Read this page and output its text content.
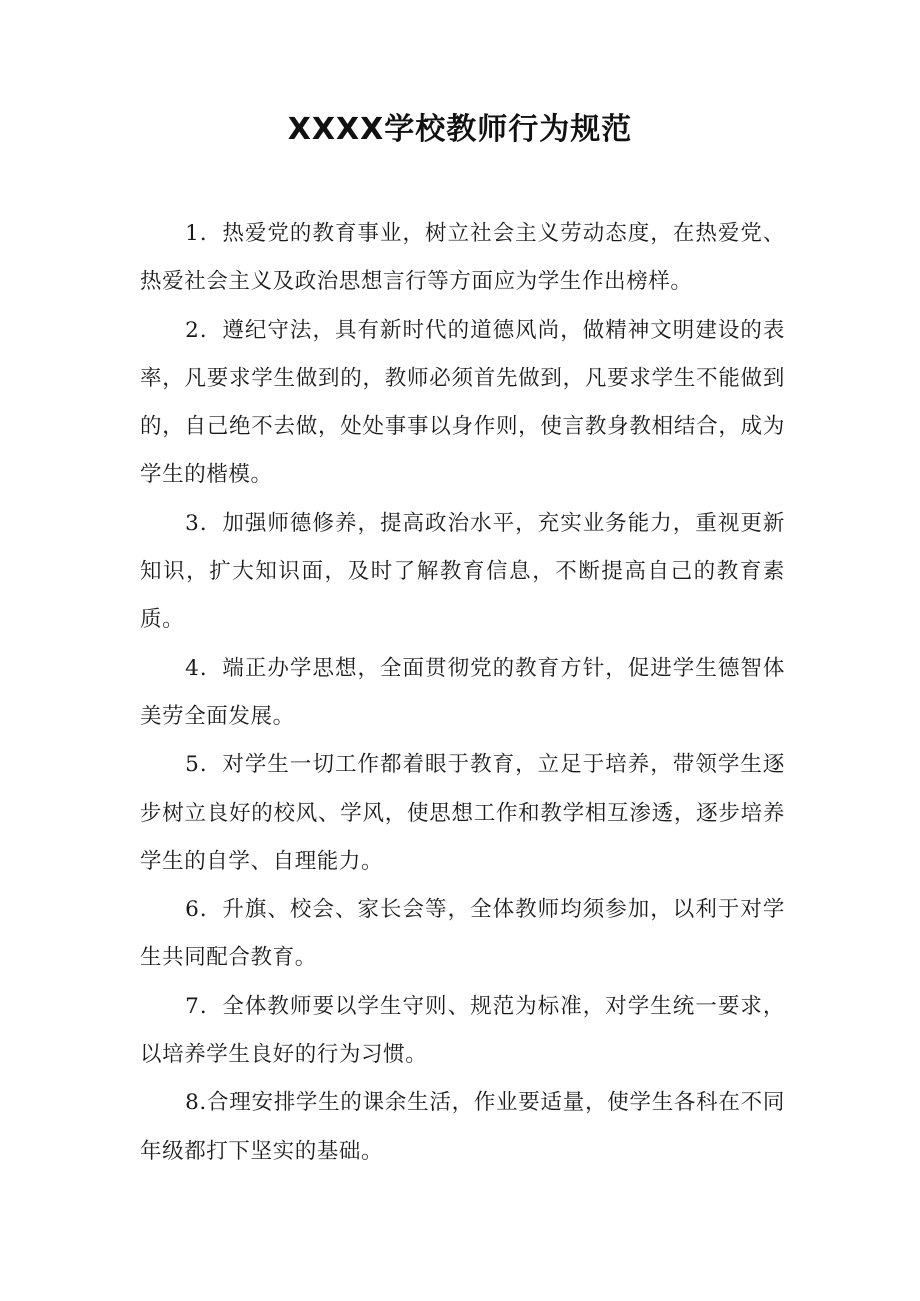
XXXX学校教师行为规范

1．热爱党的教育事业，树立社会主义劳动态度，在热爱党、热爱社会主义及政治思想言行等方面应为学生作出榜样。

2．遵纪守法，具有新时代的道德风尚，做精神文明建设的表率，凡要求学生做到的，教师必须首先做到，凡要求学生不能做到的，自己绝不去做，处处事事以身作则，使言教身教相结合，成为学生的楷模。

3．加强师德修养，提高政治水平，充实业务能力，重视更新知识，扩大知识面，及时了解教育信息，不断提高自己的教育素质。

4．端正办学思想，全面贯彻党的教育方针，促进学生德智体美劳全面发展。

5．对学生一切工作都着眼于教育，立足于培养，带领学生逐步树立良好的校风、学风，使思想工作和教学相互渗透，逐步培养学生的自学、自理能力。

6．升旗、校会、家长会等，全体教师均须参加，以利于对学生共同配合教育。

7．全体教师要以学生守则、规范为标准，对学生统一要求，以培养学生良好的行为习惯。

8.合理安排学生的课余生活，作业要适量，使学生各科在不同年级都打下坚实的基础。
